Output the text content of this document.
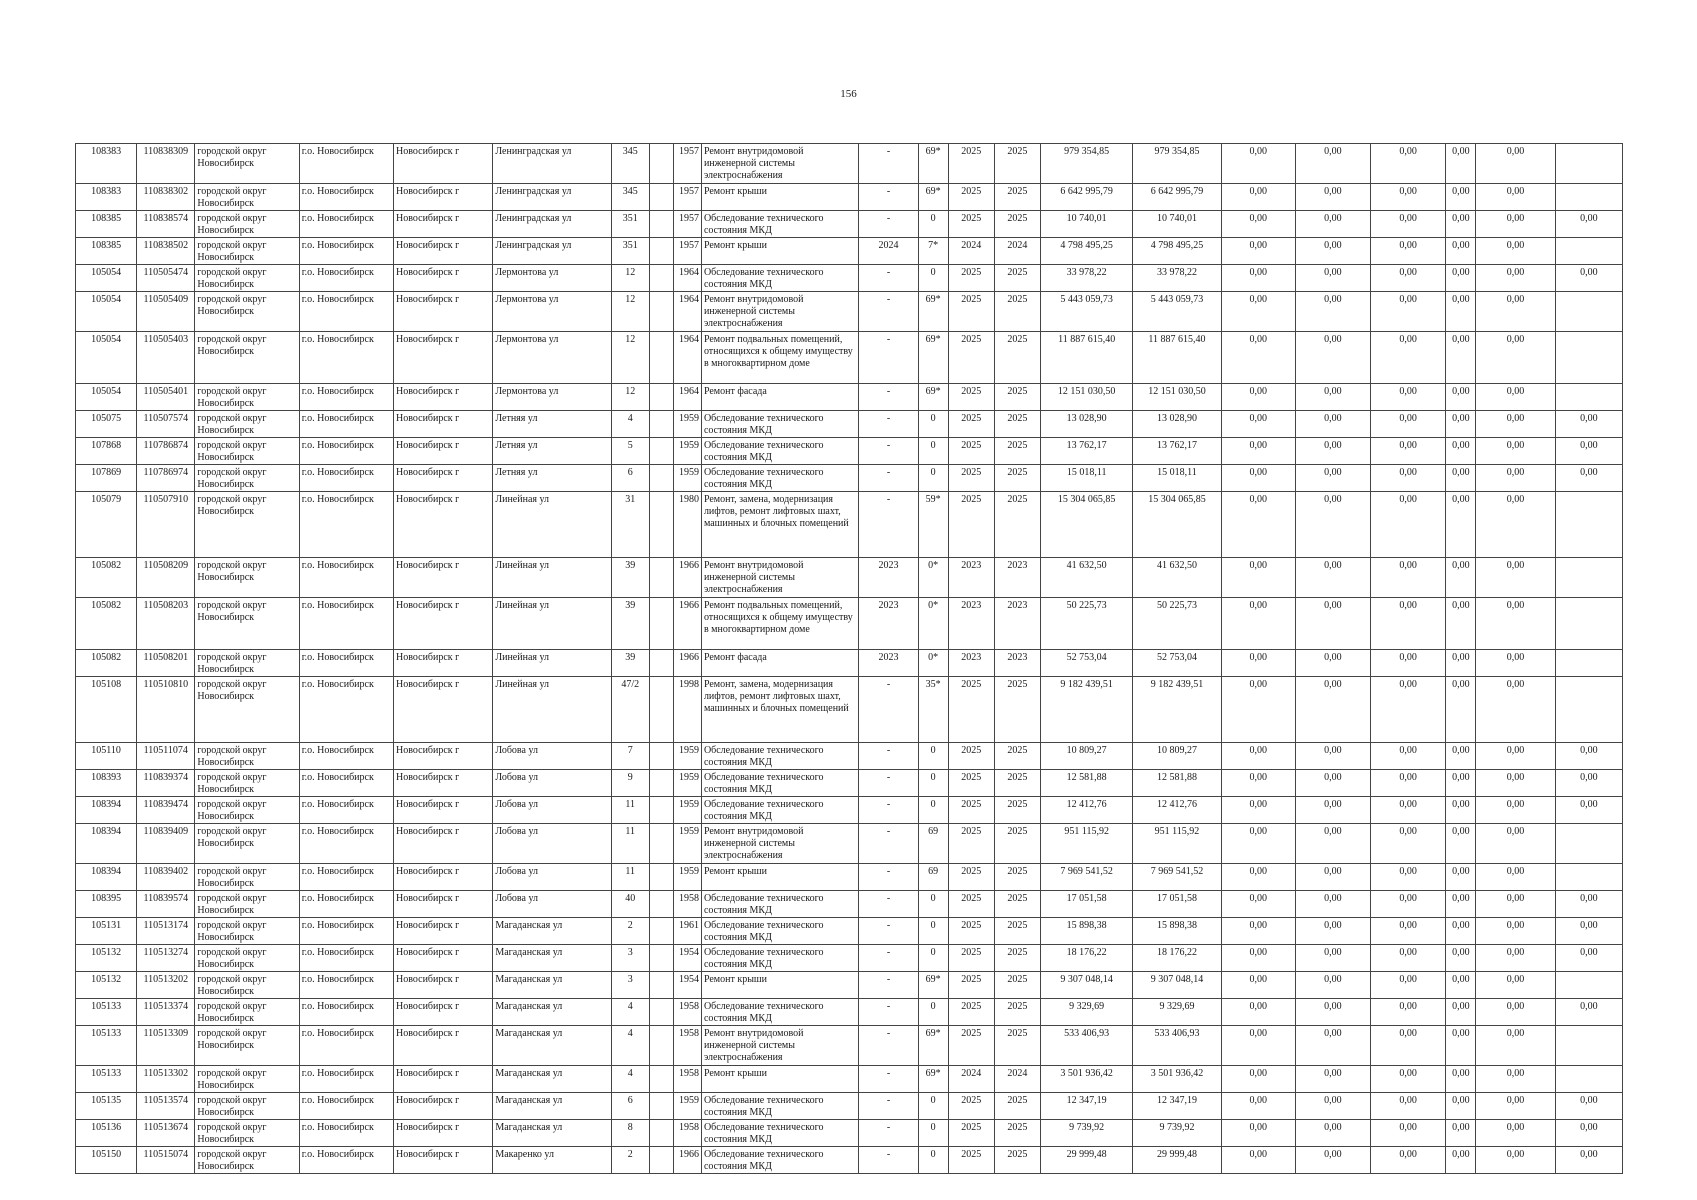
156
108383	110838309	городской округ Новосибирск	г.о. Новосибирск	Новосибирск г	Ленинградская ул	345		1957	Ремонт внутридомовой инженерной системы электроснабжения	-	69*	2025	2025	979 354,85	979 354,85	0,00	0,00	0,00	0,00	0,00	
108383	110838302	городской округ Новосибирск	г.о. Новосибирск	Новосибирск г	Ленинградская ул	345		1957	Ремонт крыши	-	69*	2025	2025	6 642 995,79	6 642 995,79	0,00	0,00	0,00	0,00	0,00	
108385	110838574	городской округ Новосибирск	г.о. Новосибирск	Новосибирск г	Ленинградская ул	351		1957	Обследование технического состояния МКД	-	0	2025	2025	10 740,01	10 740,01	0,00	0,00	0,00	0,00	0,00	0,00
108385	110838502	городской округ Новосибирск	г.о. Новосибирск	Новосибирск г	Ленинградская ул	351		1957	Ремонт крыши	2024	7*	2024	2024	4 798 495,25	4 798 495,25	0,00	0,00	0,00	0,00	0,00	
105054	110505474	городской округ Новосибирск	г.о. Новосибирск	Новосибирск г	Лермонтова ул	12		1964	Обследование технического состояния МКД	-	0	2025	2025	33 978,22	33 978,22	0,00	0,00	0,00	0,00	0,00	0,00
105054	110505409	городской округ Новосибирск	г.о. Новосибирск	Новосибирск г	Лермонтова ул	12		1964	Ремонт внутридомовой инженерной системы электроснабжения	-	69*	2025	2025	5 443 059,73	5 443 059,73	0,00	0,00	0,00	0,00	0,00	
105054	110505403	городской округ Новосибирск	г.о. Новосибирск	Новосибирск г	Лермонтова ул	12		1964	Ремонт подвальных помещений, относящихся к общему имуществу в многоквартирном доме	-	69*	2025	2025	11 887 615,40	11 887 615,40	0,00	0,00	0,00	0,00	0,00	
105054	110505401	городской округ Новосибирск	г.о. Новосибирск	Новосибирск г	Лермонтова ул	12		1964	Ремонт фасада	-	69*	2025	2025	12 151 030,50	12 151 030,50	0,00	0,00	0,00	0,00	0,00	
105075	110507574	городской округ Новосибирск	г.о. Новосибирск	Новосибирск г	Летняя ул	4		1959	Обследование технического состояния МКД	-	0	2025	2025	13 028,90	13 028,90	0,00	0,00	0,00	0,00	0,00	0,00
107868	110786874	городской округ Новосибирск	г.о. Новосибирск	Новосибирск г	Летняя ул	5		1959	Обследование технического состояния МКД	-	0	2025	2025	13 762,17	13 762,17	0,00	0,00	0,00	0,00	0,00	0,00
107869	110786974	городской округ Новосибирск	г.о. Новосибирск	Новосибирск г	Летняя ул	6		1959	Обследование технического состояния МКД	-	0	2025	2025	15 018,11	15 018,11	0,00	0,00	0,00	0,00	0,00	0,00
105079	110507910	городской округ Новосибирск	г.о. Новосибирск	Новосибирск г	Линейная ул	31		1980	Ремонт, замена, модернизация лифтов, ремонт лифтовых шахт, машинных и блочных помещений	-	59*	2025	2025	15 304 065,85	15 304 065,85	0,00	0,00	0,00	0,00	0,00	
105082	110508209	городской округ Новосибирск	г.о. Новосибирск	Новосибирск г	Линейная ул	39		1966	Ремонт внутридомовой инженерной системы электроснабжения	2023	0*	2023	2023	41 632,50	41 632,50	0,00	0,00	0,00	0,00	0,00	
105082	110508203	городской округ Новосибирск	г.о. Новосибирск	Новосибирск г	Линейная ул	39		1966	Ремонт подвальных помещений, относящихся к общему имуществу в многоквартирном доме	2023	0*	2023	2023	50 225,73	50 225,73	0,00	0,00	0,00	0,00	0,00	
105082	110508201	городской округ Новосибирск	г.о. Новосибирск	Новосибирск г	Линейная ул	39		1966	Ремонт фасада	2023	0*	2023	2023	52 753,04	52 753,04	0,00	0,00	0,00	0,00	0,00	
105108	110510810	городской округ Новосибирск	г.о. Новосибирск	Новосибирск г	Линейная ул	47/2		1998	Ремонт, замена, модернизация лифтов, ремонт лифтовых шахт, машинных и блочных помещений	-	35*	2025	2025	9 182 439,51	9 182 439,51	0,00	0,00	0,00	0,00	0,00	
105110	110511074	городской округ Новосибирск	г.о. Новосибирск	Новосибирск г	Лобова ул	7		1959	Обследование технического состояния МКД	-	0	2025	2025	10 809,27	10 809,27	0,00	0,00	0,00	0,00	0,00	0,00
108393	110839374	городской округ Новосибирск	г.о. Новосибирск	Новосибирск г	Лобова ул	9		1959	Обследование технического состояния МКД	-	0	2025	2025	12 581,88	12 581,88	0,00	0,00	0,00	0,00	0,00	0,00
108394	110839474	городской округ Новосибирск	г.о. Новосибирск	Новосибирск г	Лобова ул	11		1959	Обследование технического состояния МКД	-	0	2025	2025	12 412,76	12 412,76	0,00	0,00	0,00	0,00	0,00	0,00
108394	110839409	городской округ Новосибирск	г.о. Новосибирск	Новосибирск г	Лобова ул	11		1959	Ремонт внутридомовой инженерной системы электроснабжения	-	69	2025	2025	951 115,92	951 115,92	0,00	0,00	0,00	0,00	0,00	
108394	110839402	городской округ Новосибирск	г.о. Новосибирск	Новосибирск г	Лобова ул	11		1959	Ремонт крыши	-	69	2025	2025	7 969 541,52	7 969 541,52	0,00	0,00	0,00	0,00	0,00	
108395	110839574	городской округ Новосибирск	г.о. Новосибирск	Новосибирск г	Лобова ул	40		1958	Обследование технического состояния МКД	-	0	2025	2025	17 051,58	17 051,58	0,00	0,00	0,00	0,00	0,00	0,00
105131	110513174	городской округ Новосибирск	г.о. Новосибирск	Новосибирск г	Магаданская ул	2		1961	Обследование технического состояния МКД	-	0	2025	2025	15 898,38	15 898,38	0,00	0,00	0,00	0,00	0,00	0,00
105132	110513274	городской округ Новосибирск	г.о. Новосибирск	Новосибирск г	Магаданская ул	3		1954	Обследование технического состояния МКД	-	0	2025	2025	18 176,22	18 176,22	0,00	0,00	0,00	0,00	0,00	0,00
105132	110513202	городской округ Новосибирск	г.о. Новосибирск	Новосибирск г	Магаданская ул	3		1954	Ремонт крыши	-	69*	2025	2025	9 307 048,14	9 307 048,14	0,00	0,00	0,00	0,00	0,00	
105133	110513374	городской округ Новосибирск	г.о. Новосибирск	Новосибирск г	Магаданская ул	4		1958	Обследование технического состояния МКД	-	0	2025	2025	9 329,69	9 329,69	0,00	0,00	0,00	0,00	0,00	0,00
105133	110513309	городской округ Новосибирск	г.о. Новосибирск	Новосибирск г	Магаданская ул	4		1958	Ремонт внутридомовой инженерной системы электроснабжения	-	69*	2025	2025	533 406,93	533 406,93	0,00	0,00	0,00	0,00	0,00	
105133	110513302	городской округ Новосибирск	г.о. Новосибирск	Новосибирск г	Магаданская ул	4		1958	Ремонт крыши	-	69*	2024	2024	3 501 936,42	3 501 936,42	0,00	0,00	0,00	0,00	0,00	
105135	110513574	городской округ Новосибирск	г.о. Новосибирск	Новосибирск г	Магаданская ул	6		1959	Обследование технического состояния МКД	-	0	2025	2025	12 347,19	12 347,19	0,00	0,00	0,00	0,00	0,00	0,00
105136	110513674	городской округ Новосибирск	г.о. Новосибирск	Новосибирск г	Магаданская ул	8		1958	Обследование технического состояния МКД	-	0	2025	2025	9 739,92	9 739,92	0,00	0,00	0,00	0,00	0,00	0,00
105150	110515074	городской округ Новосибирск	г.о. Новосибирск	Новосибирск г	Макаренко ул	2		1966	Обследование технического состояния МКД	-	0	2025	2025	29 999,48	29 999,48	0,00	0,00	0,00	0,00	0,00	0,00
